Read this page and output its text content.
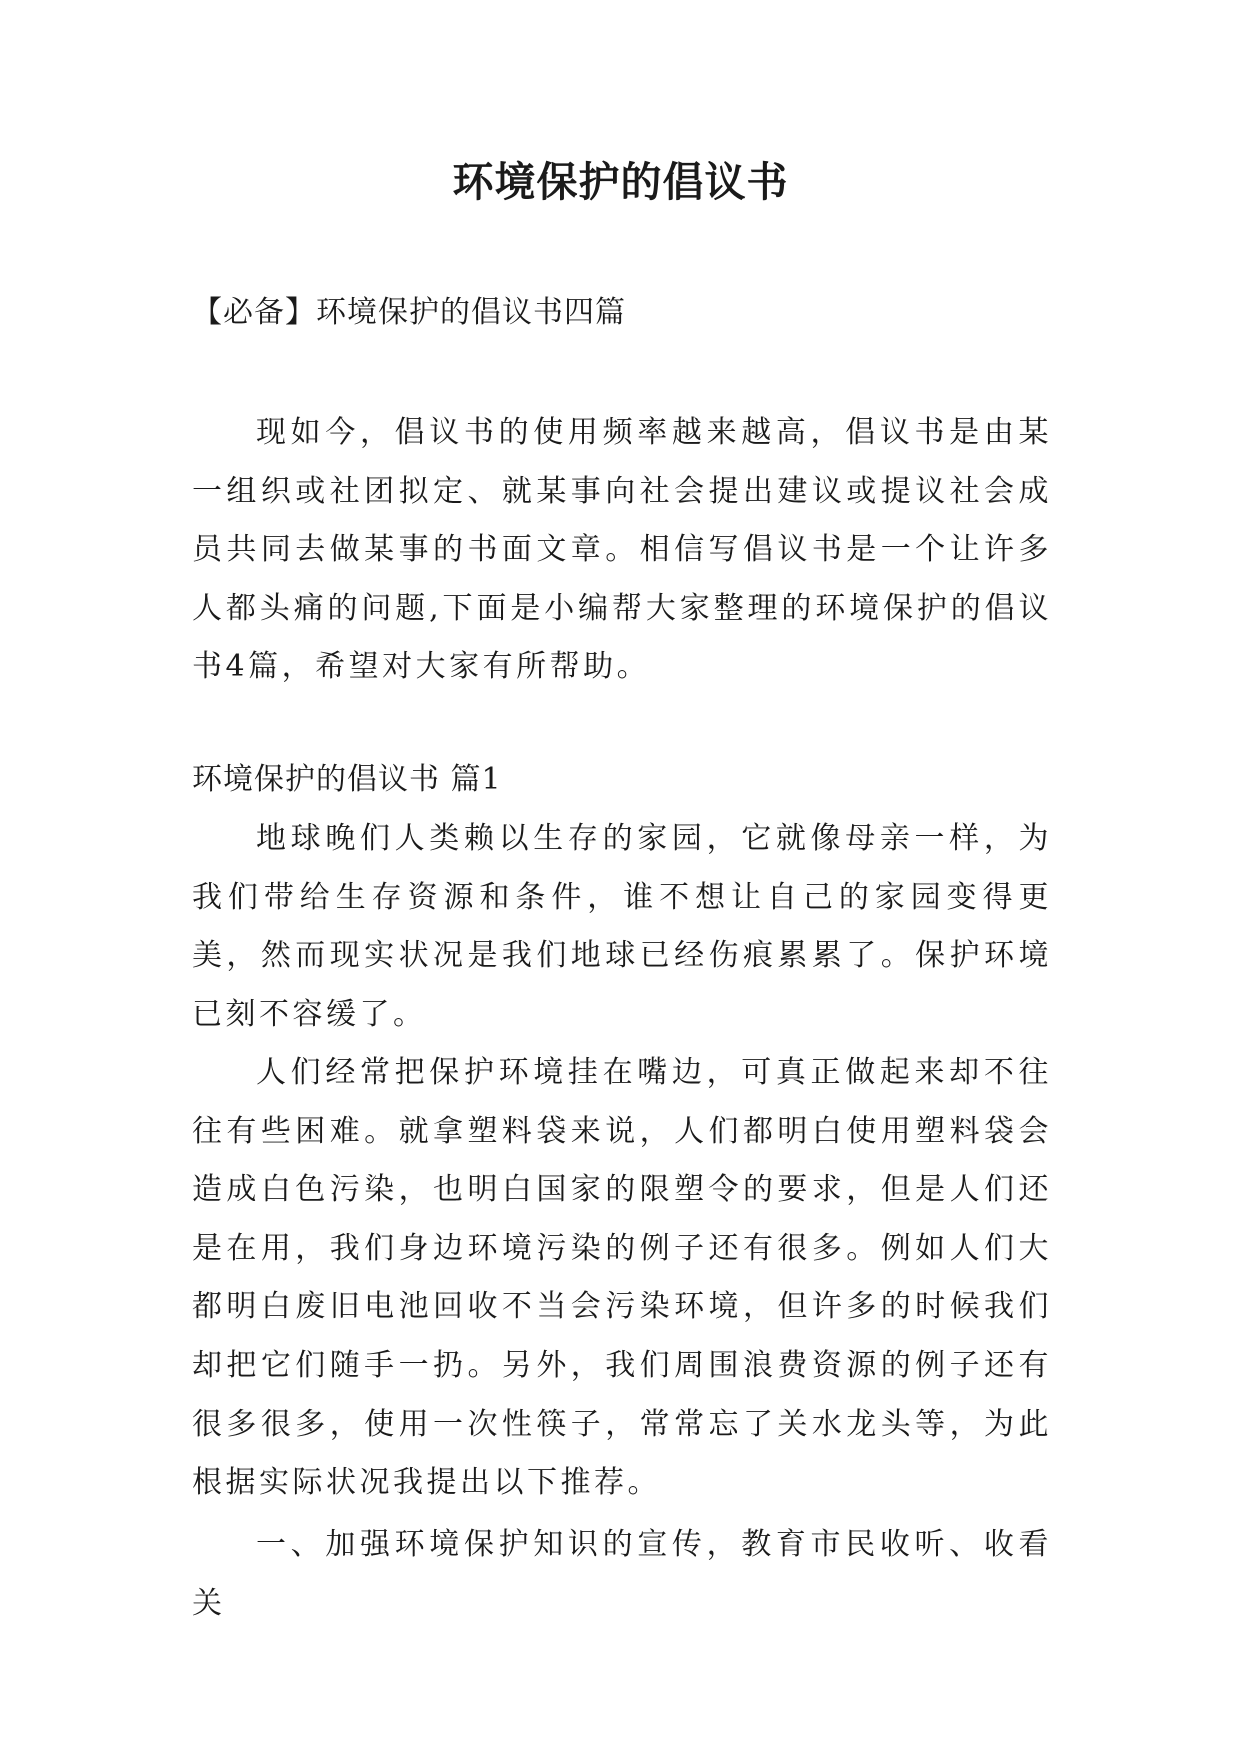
环境保护的倡议书

【必备】环境保护的倡议书四篇

现如今，倡议书的使用频率越来越高，倡议书是由某一组织或社团拟定、就某事向社会提出建议或提议社会成员共同去做某事的书面文章。相信写倡议书是一个让许多人都头痛的问题,下面是小编帮大家整理的环境保护的倡议书4篇，希望对大家有所帮助。

环境保护的倡议书 篇1

地球晚们人类赖以生存的家园，它就像母亲一样，为我们带给生存资源和条件，谁不想让自己的家园变得更美，然而现实状况是我们地球已经伤痕累累了。保护环境已刻不容缓了。

人们经常把保护环境挂在嘴边，可真正做起来却不往往有些困难。就拿塑料袋来说，人们都明白使用塑料袋会造成白色污染，也明白国家的限塑令的要求，但是人们还是在用，我们身边环境污染的例子还有很多。例如人们大都明白废旧电池回收不当会污染环境，但许多的时候我们却把它们随手一扔。另外，我们周围浪费资源的例子还有很多很多，使用一次性筷子，常常忘了关水龙头等，为此根据实际状况我提出以下推荐。

一、加强环境保护知识的宣传，教育市民收听、收看关
